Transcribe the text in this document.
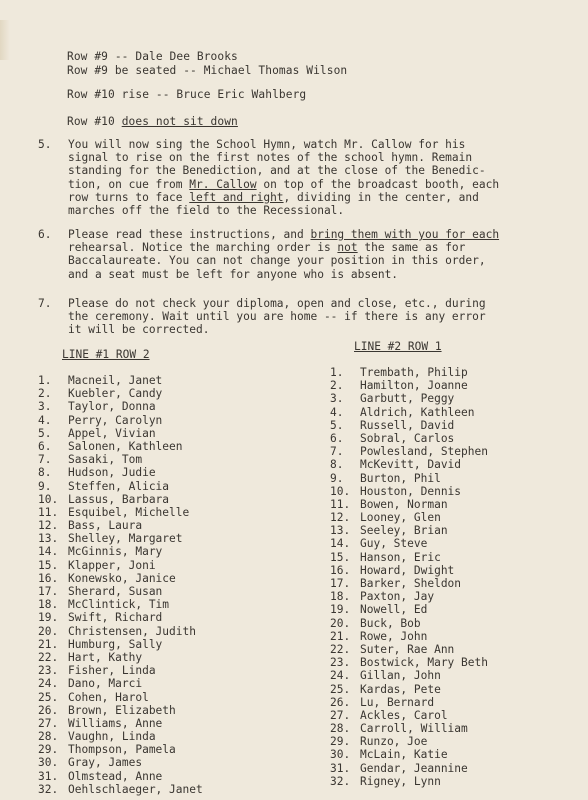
Row #9 -- Dale Dee Brooks
Row #9 be seated -- Michael Thomas Wilson
Row #10 rise -- Bruce Eric Wahlberg
Row #10 does not sit down
5. You will now sing the School Hymn, watch Mr. Callow for his
signal to rise on the first notes of the school hymn. Remain
standing for the Benediction, and at the close of the Benedic-
tion, on cue from Mr. Callow on top of the broadcast booth, each
row turns to face left and right, dividing in the center, and
marches off the field to the Recessional.
6. Please read these instructions, and bring them with you for each
rehearsal. Notice the marching order is not the same as for
Baccalaureate. You can not change your position in this order,
and a seat must be left for anyone who is absent.
7. Please do not check your diploma, open and close, etc., during
the ceremony. Wait until you are home -- if there is any error
it will be corrected.
LINE #1 ROW 2
1. Macneil, Janet
2. Kuebler, Candy
3. Taylor, Donna
4. Perry, Carolyn
5. Appel, Vivian
6. Salonen, Kathleen
7. Sasaki, Tom
8. Hudson, Judie
9. Steffen, Alicia
10. Lassus, Barbara
11. Esquibel, Michelle
12. Bass, Laura
13. Shelley, Margaret
14. McGinnis, Mary
15. Klapper, Joni
16. Konewsko, Janice
17. Sherard, Susan
18. McClintick, Tim
19. Swift, Richard
20. Christensen, Judith
21. Humburg, Sally
22. Hart, Kathy
23. Fisher, Linda
24. Dano, Marci
25. Cohen, Harol
26. Brown, Elizabeth
27. Williams, Anne
28. Vaughn, Linda
29. Thompson, Pamela
30. Gray, James
31. Olmstead, Anne
32. Oehlschlaeger, Janet
LINE #2 ROW 1
1. Trembath, Philip
2. Hamilton, Joanne
3. Garbutt, Peggy
4. Aldrich, Kathleen
5. Russell, David
6. Sobral, Carlos
7. Powlesland, Stephen
8. McKevitt, David
9. Burton, Phil
10. Houston, Dennis
11. Bowen, Norman
12. Looney, Glen
13. Seeley, Brian
14. Guy, Steve
15. Hanson, Eric
16. Howard, Dwight
17. Barker, Sheldon
18. Paxton, Jay
19. Nowell, Ed
20. Buck, Bob
21. Rowe, John
22. Suter, Rae Ann
23. Bostwick, Mary Beth
24. Gillan, John
25. Kardas, Pete
26. Lu, Bernard
27. Ackles, Carol
28. Carroll, William
29. Runzo, Joe
30. McLain, Katie
31. Gendar, Jeannine
32. Rigney, Lynn
